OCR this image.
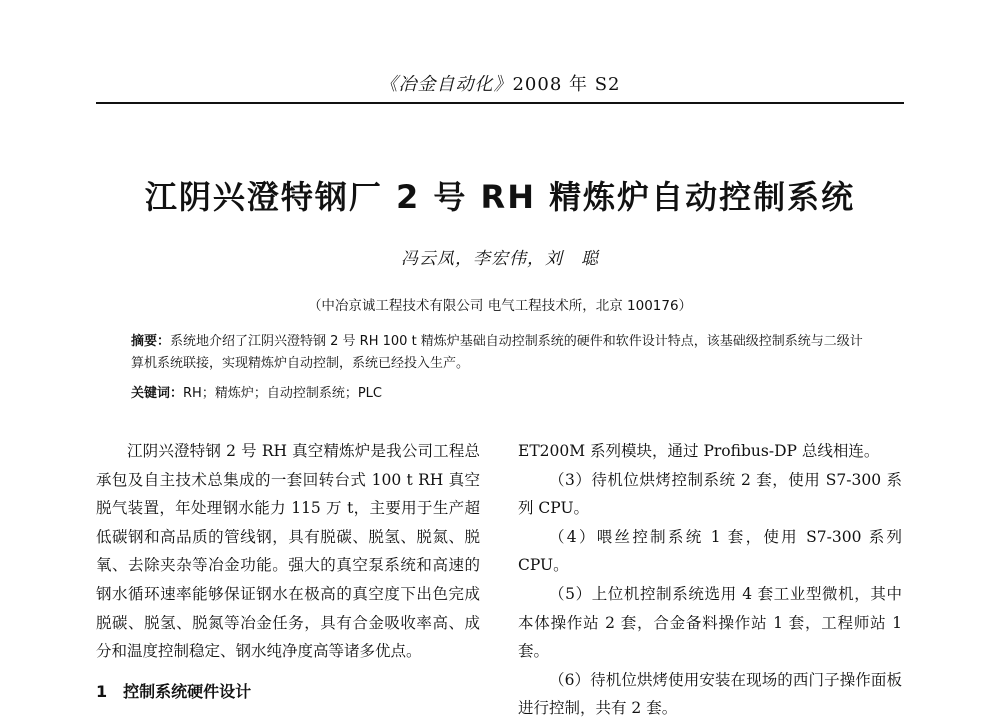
《冶金自动化》2008 年 S2
江阴兴澄特钢厂 2 号 RH 精炼炉自动控制系统
冯云凤，李宏伟，刘　聪
（中冶京诚工程技术有限公司 电气工程技术所，北京 100176）
摘要：系统地介绍了江阴兴澄特钢 2 号 RH 100 t 精炼炉基础自动控制系统的硬件和软件设计特点，该基础级控制系统与二级计算机系统联接，实现精炼炉自动控制，系统已经投入生产。
关键词：RH；精炼炉；自动控制系统；PLC

江阴兴澄特钢 2 号 RH 真空精炼炉是我公司工程总承包及自主技术总集成的一套回转台式 100 t RH 真空脱气装置，年处理钢水能力 115 万 t，主要用于生产超低碳钢和高品质的管线钢，具有脱碳、脱氢、脱氮、脱氧、去除夹杂等冶金功能。强大的真空泵系统和高速的钢水循环速率能够保证钢水在极高的真空度下出色完成脱碳、脱氢、脱氮等冶金任务，具有合金吸收率高、成分和温度控制稳定、钢水纯净度高等诸多优点。

1　控制系统硬件设计

ET200M 系列模块，通过 Profibus-DP 总线相连。

（3）待机位烘烤控制系统 2 套，使用 S7-300 系列 CPU。

（4）喂丝控制系统 1 套，使用 S7-300 系列 CPU。

（5）上位机控制系统选用 4 套工业型微机，其中本体操作站 2 套，合金备料操作站 1 套，工程师站 1 套。

（6）待机位烘烤使用安装在现场的西门子操作面板进行控制，共有 2 套。
